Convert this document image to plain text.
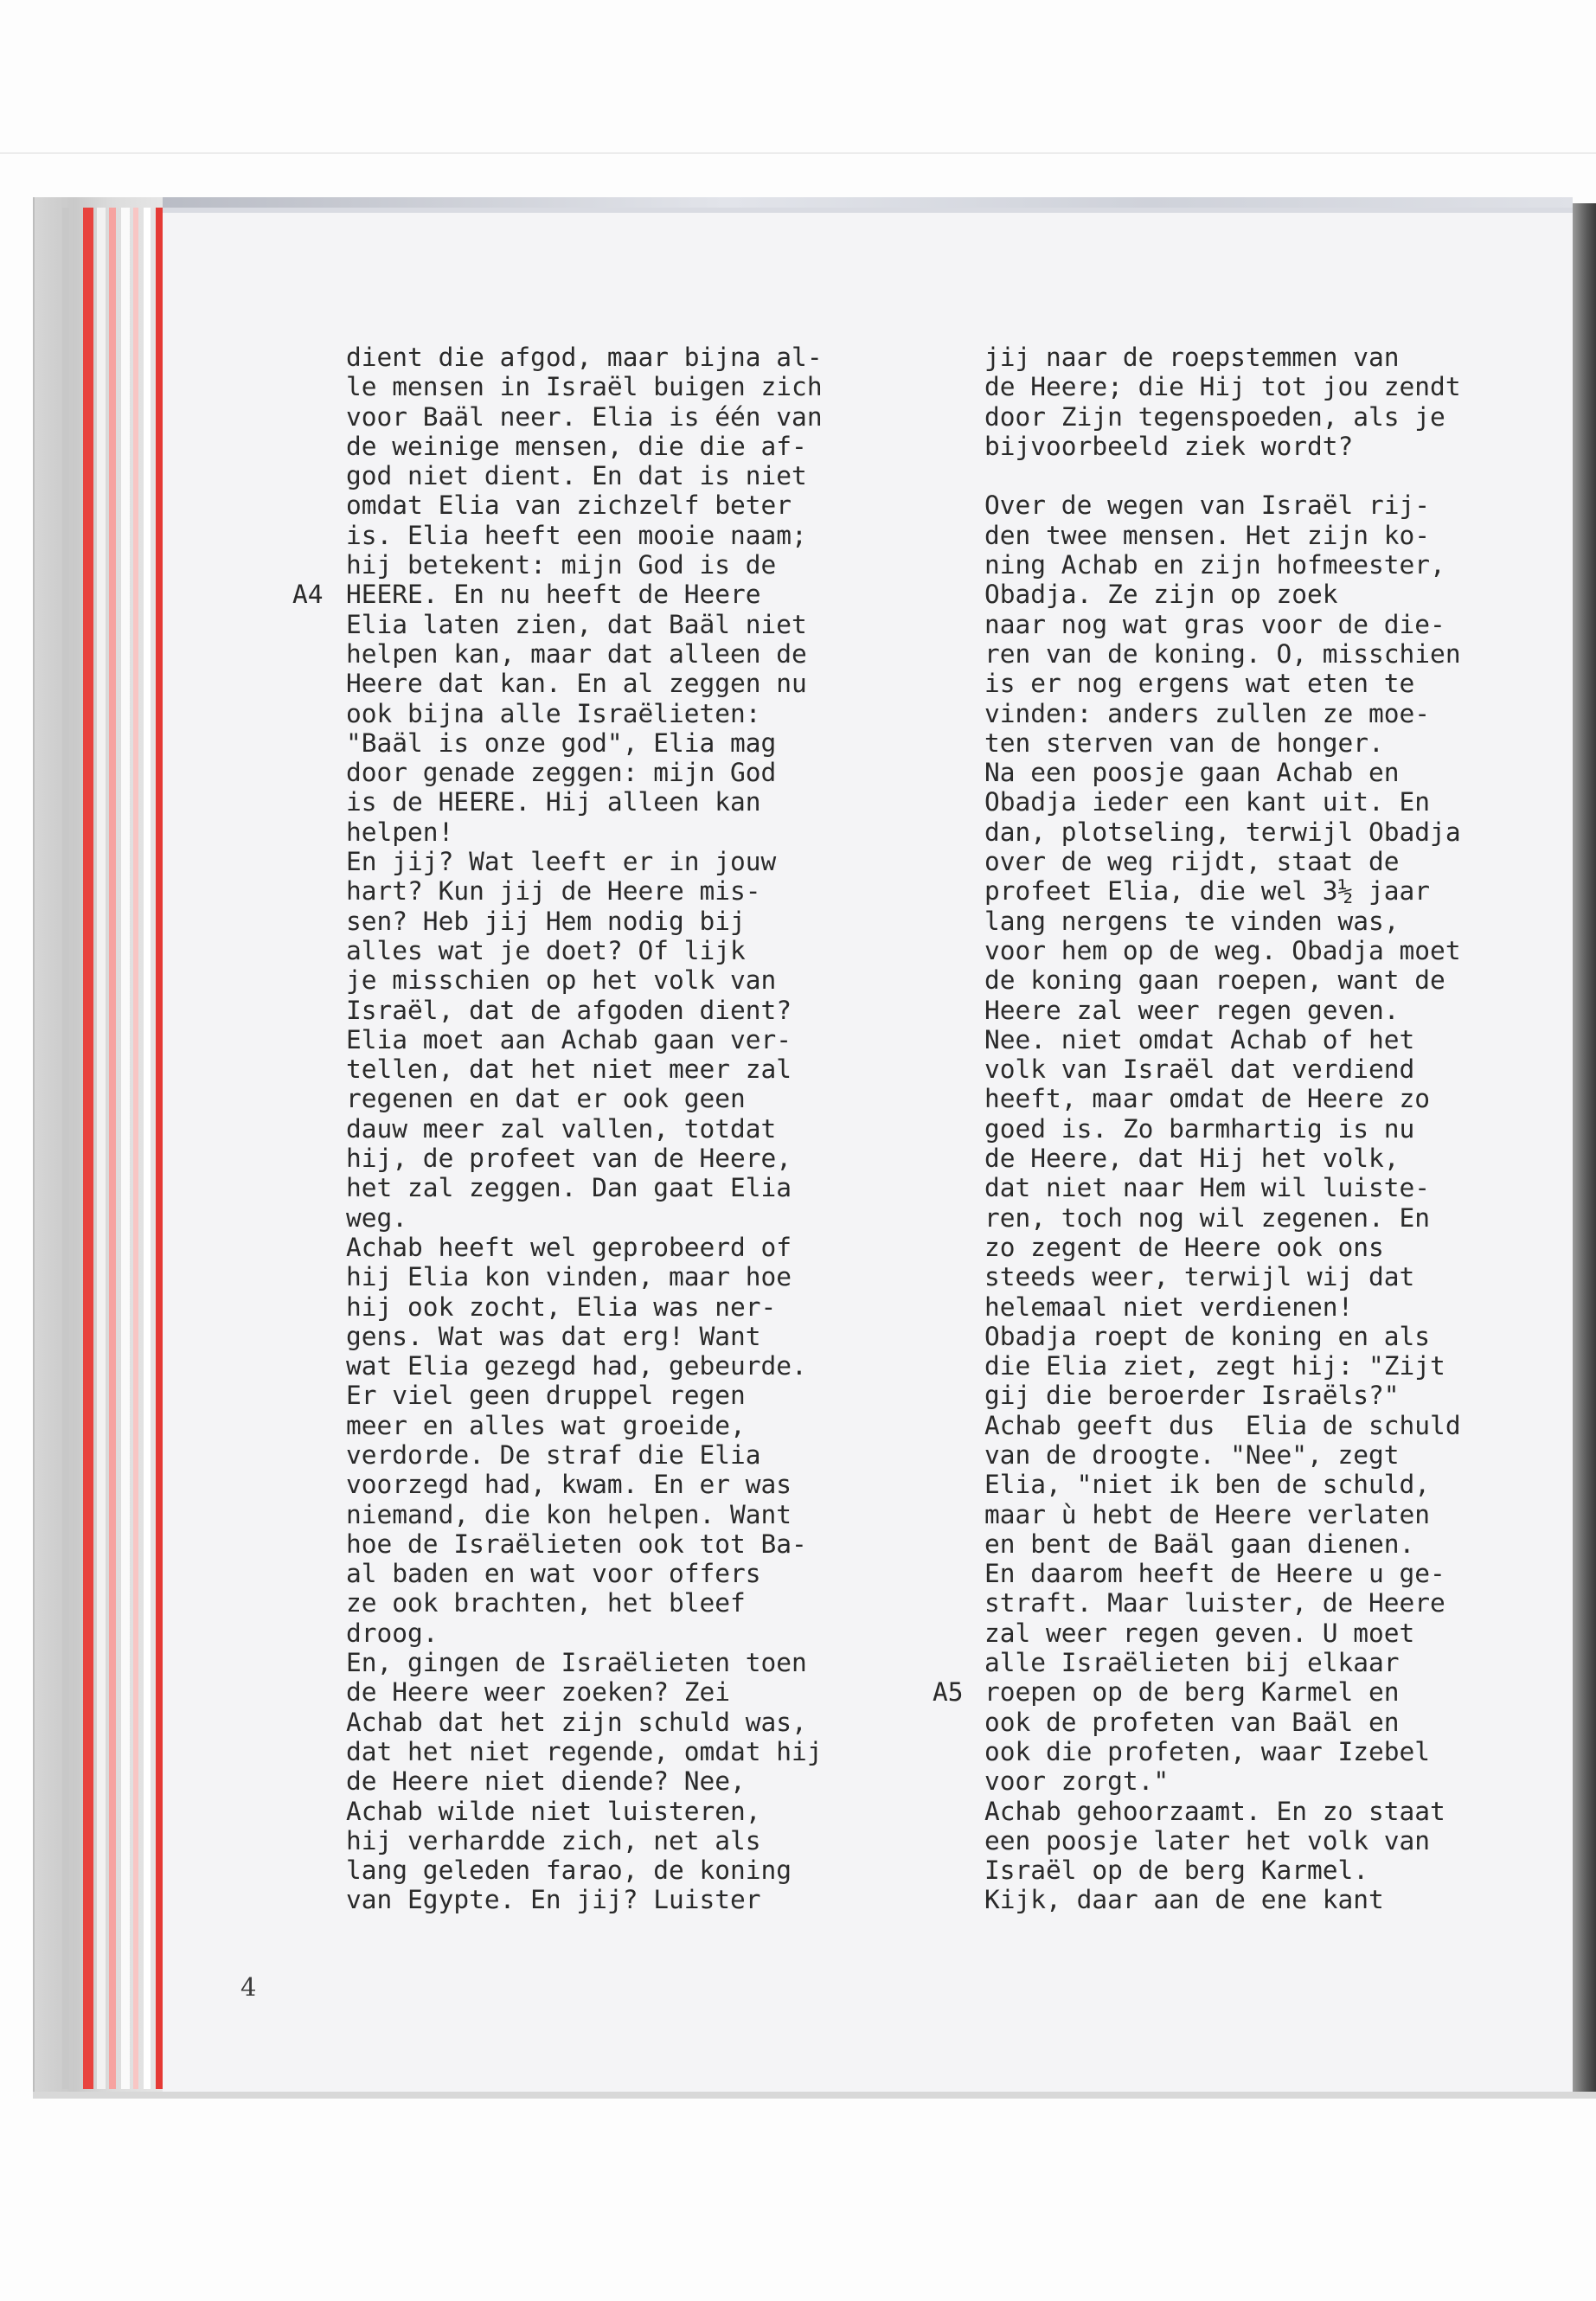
dient die afgod, maar bijna al-
le mensen in Israël buigen zich
voor Baäl neer. Elia is één van
de weinige mensen, die die af-
god niet dient. En dat is niet
omdat Elia van zichzelf beter
is. Elia heeft een mooie naam;
hij betekent: mijn God is de
HEERE. En nu heeft de Heere
Elia laten zien, dat Baäl niet
helpen kan, maar dat alleen de
Heere dat kan. En al zeggen nu
ook bijna alle Israëlieten:
"Baäl is onze god", Elia mag
door genade zeggen: mijn God
is de HEERE. Hij alleen kan
helpen!
En jij? Wat leeft er in jouw
hart? Kun jij de Heere mis-
sen? Heb jij Hem nodig bij
alles wat je doet? Of lijk
je misschien op het volk van
Israël, dat de afgoden dient?
Elia moet aan Achab gaan ver-
tellen, dat het niet meer zal
regenen en dat er ook geen
dauw meer zal vallen, totdat
hij, de profeet van de Heere,
het zal zeggen. Dan gaat Elia
weg.
Achab heeft wel geprobeerd of
hij Elia kon vinden, maar hoe
hij ook zocht, Elia was ner-
gens. Wat was dat erg! Want
wat Elia gezegd had, gebeurde.
Er viel geen druppel regen
meer en alles wat groeide,
verdorde. De straf die Elia
voorzegd had, kwam. En er was
niemand, die kon helpen. Want
hoe de Israëlieten ook tot Ba-
al baden en wat voor offers
ze ook brachten, het bleef
droog.
En, gingen de Israëlieten toen
de Heere weer zoeken? Zei
Achab dat het zijn schuld was,
dat het niet regende, omdat hij
de Heere niet diende? Nee,
Achab wilde niet luisteren,
hij verhardde zich, net als
lang geleden farao, de koning
van Egypte. En jij? Luister
jij naar de roepstemmen van
de Heere; die Hij tot jou zendt
door Zijn tegenspoeden, als je
bijvoorbeeld ziek wordt?
Over de wegen van Israël rij-
den twee mensen. Het zijn ko-
ning Achab en zijn hofmeester,
Obadja. Ze zijn op zoek
naar nog wat gras voor de die-
ren van de koning. O, misschien
is er nog ergens wat eten te
vinden: anders zullen ze moe-
ten sterven van de honger.
Na een poosje gaan Achab en
Obadja ieder een kant uit. En
dan, plotseling, terwijl Obadja
over de weg rijdt, staat de
profeet Elia, die wel 3½ jaar
lang nergens te vinden was,
voor hem op de weg. Obadja moet
de koning gaan roepen, want de
Heere zal weer regen geven.
Nee. niet omdat Achab of het
volk van Israël dat verdiend
heeft, maar omdat de Heere zo
goed is. Zo barmhartig is nu
de Heere, dat Hij het volk,
dat niet naar Hem wil luiste-
ren, toch nog wil zegenen. En
zo zegent de Heere ook ons
steeds weer, terwijl wij dat
helemaal niet verdienen!
Obadja roept de koning en als
die Elia ziet, zegt hij: "Zijt
gij die beroerder Israëls?"
Achab geeft dus  Elia de schuld
van de droogte. "Nee", zegt
Elia, "niet ik ben de schuld,
maar ù hebt de Heere verlaten
en bent de Baäl gaan dienen.
En daarom heeft de Heere u ge-
straft. Maar luister, de Heere
zal weer regen geven. U moet
alle Israëlieten bij elkaar
roepen op de berg Karmel en
ook de profeten van Baäl en
ook die profeten, waar Izebel
voor zorgt."
Achab gehoorzaamt. En zo staat
een poosje later het volk van
Israël op de berg Karmel.
Kijk, daar aan de ene kant
A4
A5
4
